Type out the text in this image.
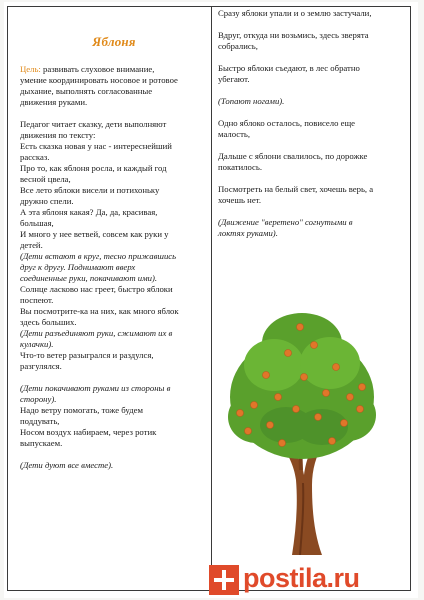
Яблоня

Цель: развивать слуховое внимание,

умение координировать носовое и ротовое

дыхание, выполнять согласованные

движения руками.

Педагог читает сказку, дети выполняют

движения по тексту:

Есть сказка новая у нас - интереснейший

рассказ.

Про то, как яблоня росла, и каждый год

весной цвела,

Все лето яблоки висели и потихоньку

дружно спели.

А эта яблоня какая? Да, да, красивая,

большая,

И много у нее ветвей, совсем как руки у

детей.

(Дети встают в круг, тесно прижавшись

друг к другу. Поднимают вверх

соединенные руки, покачивают ими).

Солнце ласково нас греет, быстро яблоки

поспеют.

Вы посмотрите-ка на них, как много яблок

здесь больших.

(Дети разъединяют руки, сжимают их в

кулачки).

Что-то ветер разыгрался и раздулся,

разгулялся.

(Дети покачивают руками из стороны в

сторону).

Надо ветру помогать, тоже будем

поддувать,

Носом воздух набираем, через ротик

выпускаем.

(Дети дуют все вместе).

Сразу яблоки упали и о землю застучали,

Вдруг, откуда ни возьмись, здесь зверята

собрались,

Быстро яблоки съедают, в лес обратно

убегают.

(Топают ногами).

Одно яблоко осталось, повисело еще

малость,

Дальше с яблони свалилось, по дорожке

покатилось.

Посмотреть на белый свет, хочешь верь, а

хочешь нет.

(Движение "веретено" согнутыми в

локтях руками).

postila.ru
